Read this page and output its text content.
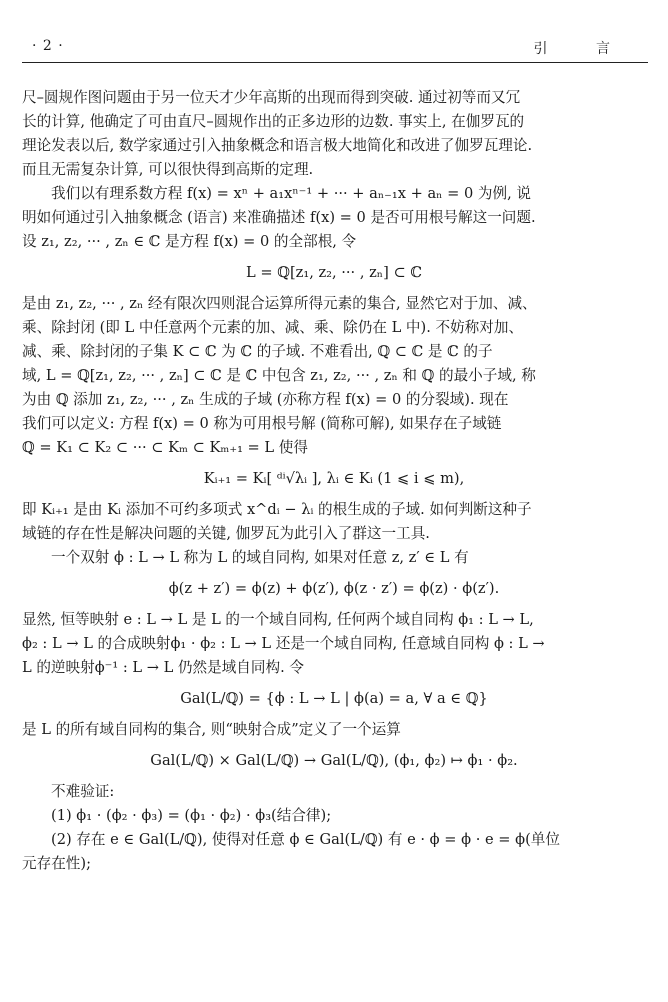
· 2 ·	引 言
尺–圆规作图问题由于另一位天才少年高斯的出现而得到突破. 通过初等而又冗
长的计算, 他确定了可由直尺–圆规作出的正多边形的边数. 事实上, 在伽罗瓦的
理论发表以后, 数学家通过引入抽象概念和语言极大地简化和改进了伽罗瓦理论.
而且无需复杂计算, 可以很快得到高斯的定理.
我们以有理系数方程 f(x) = xⁿ + a₁xⁿ⁻¹ + ··· + aₙ₋₁x + aₙ = 0 为例, 说
明如何通过引入抽象概念 (语言) 来准确描述 f(x) = 0 是否可用根号解这一问题.
设 z₁, z₂, ··· , zₙ ∈ ℂ 是方程 f(x) = 0 的全部根, 令
L = ℚ[z₁, z₂, ··· , zₙ] ⊂ ℂ
是由 z₁, z₂, ··· , zₙ 经有限次四则混合运算所得元素的集合, 显然它对于加、减、
乘、除封闭 (即 L 中任意两个元素的加、减、乘、除仍在 L 中). 不妨称对加、
减、乘、除封闭的子集 K ⊂ ℂ 为 ℂ 的子域. 不难看出, ℚ ⊂ ℂ 是 ℂ 的子
域, L = ℚ[z₁, z₂, ··· , zₙ] ⊂ ℂ 是 ℂ 中包含 z₁, z₂, ··· , zₙ 和 ℚ 的最小子域, 称
为由 ℚ 添加 z₁, z₂, ··· , zₙ 生成的子域 (亦称方程 f(x) = 0 的分裂域). 现在
我们可以定义: 方程 f(x) = 0 称为可用根号解 (简称可解), 如果存在子域链
ℚ = K₁ ⊂ K₂ ⊂ ··· ⊂ Kₘ ⊂ Kₘ₊₁ = L 使得
Kᵢ₊₁ = Kᵢ[ ᵈⁱ√λᵢ ], λᵢ ∈ Kᵢ (1 ⩽ i ⩽ m),
即 Kᵢ₊₁ 是由 Kᵢ 添加不可约多项式 x^dᵢ − λᵢ 的根生成的子域. 如何判断这种子
域链的存在性是解决问题的关键, 伽罗瓦为此引入了群这一工具.
一个双射 ϕ : L → L 称为 L 的域自同构, 如果对任意 z, z′ ∈ L 有
ϕ(z + z′) = ϕ(z) + ϕ(z′), ϕ(z · z′) = ϕ(z) · ϕ(z′).
显然, 恒等映射 e : L → L 是 L 的一个域自同构, 任何两个域自同构 ϕ₁ : L → L,
ϕ₂ : L → L 的合成映射ϕ₁ · ϕ₂ : L → L 还是一个域自同构, 任意域自同构 ϕ : L →
L 的逆映射ϕ⁻¹ : L → L 仍然是域自同构. 令
Gal(L/ℚ) = {ϕ : L → L | ϕ(a) = a, ∀ a ∈ ℚ}
是 L 的所有域自同构的集合, 则“映射合成”定义了一个运算
Gal(L/ℚ) × Gal(L/ℚ) → Gal(L/ℚ), (ϕ₁, ϕ₂) ↦ ϕ₁ · ϕ₂.
不难验证:
(1) ϕ₁ · (ϕ₂ · ϕ₃) = (ϕ₁ · ϕ₂) · ϕ₃(结合律);
(2) 存在 e ∈ Gal(L/ℚ), 使得对任意 ϕ ∈ Gal(L/ℚ) 有 e · ϕ = ϕ · e = ϕ(单位
元存在性);
